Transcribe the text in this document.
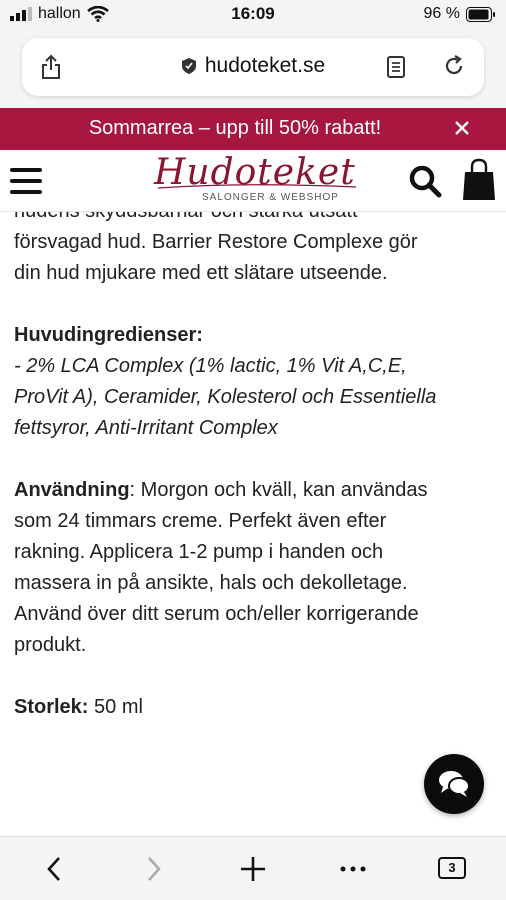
hallon	16:09	96 %
hudoteket.se
Sommarrea – upp till 50% rabatt!
Hudoteket
SALONGER & WEBSHOP

försvagad hud. Barrier Restore Complexe gör

din hud mjukare med ett slätare utseende.

Huvudingredienser:

- 2% LCA Complex (1% lactic, 1% Vit A,C,E,

ProVit A), Ceramider, Kolesterol och Essentiella

fettsyror, Anti-Irritant Complex

Användning: Morgon och kväll, kan användas

som 24 timmars creme. Perfekt även efter

rakning. Applicera 1-2 pump i handen och

massera in på ansikte, hals och dekolletage.

Använd över ditt serum och/eller korrigerande

produkt.

Storlek: 50 ml

3
